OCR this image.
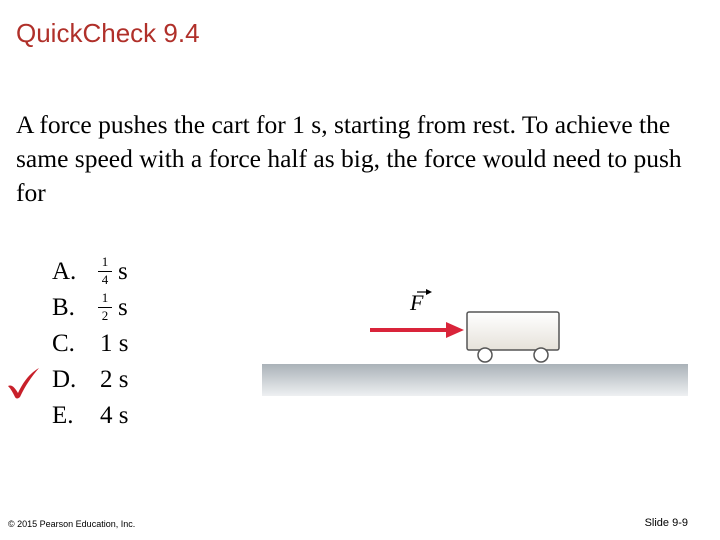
QuickCheck 9.4
A force pushes the cart for 1 s, starting from rest. To achieve the same speed with a force half as big, the force would need to push for
A. 1
4 s
B. 1
2 s
C. 1 s
D. 2 s
E. 4 s
F
© 2015 Pearson Education, Inc.	Slide 9-9
